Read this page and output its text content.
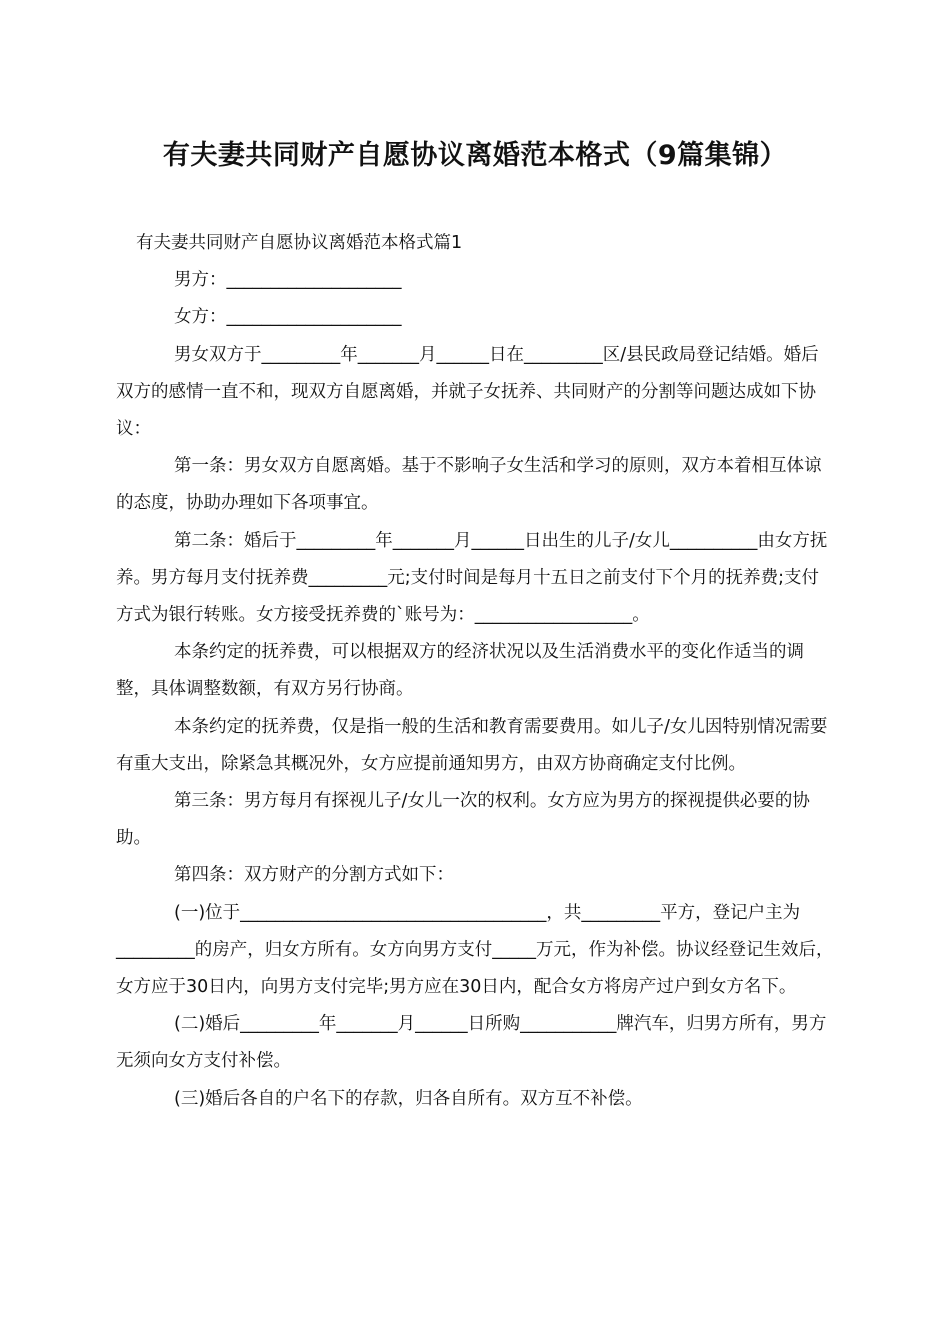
有夫妻共同财产自愿协议离婚范本格式（9篇集锦）

有夫妻共同财产自愿协议离婚范本格式篇1

男方：____________________

女方：____________________

男女双方于_________年_______月______日在_________区/县民政局登记结婚。婚后双方的感情一直不和，现双方自愿离婚，并就子女抚养、共同财产的分割等问题达成如下协议：

第一条：男女双方自愿离婚。基于不影响子女生活和学习的原则，双方本着相互体谅的态度，协助办理如下各项事宜。

第二条：婚后于_________年_______月______日出生的儿子/女儿__________由女方抚养。男方每月支付抚养费_________元;支付时间是每月十五日之前支付下个月的抚养费;支付方式为银行转账。女方接受抚养费的`账号为：__________________。

本条约定的抚养费，可以根据双方的经济状况以及生活消费水平的变化作适当的调整，具体调整数额，有双方另行协商。

本条约定的抚养费，仅是指一般的生活和教育需要费用。如儿子/女儿因特别情况需要有重大支出，除紧急其概况外，女方应提前通知男方，由双方协商确定支付比例。

第三条：男方每月有探视儿子/女儿一次的权利。女方应为男方的探视提供必要的协助。

第四条：双方财产的分割方式如下：

(一)位于___________________________________，共_________平方，登记户主为_________的房产，归女方所有。女方向男方支付_____万元，作为补偿。协议经登记生效后，女方应于30日内，向男方支付完毕;男方应在30日内，配合女方将房产过户到女方名下。

(二)婚后_________年_______月______日所购___________牌汽车，归男方所有，男方无须向女方支付补偿。

(三)婚后各自的户名下的存款，归各自所有。双方互不补偿。
